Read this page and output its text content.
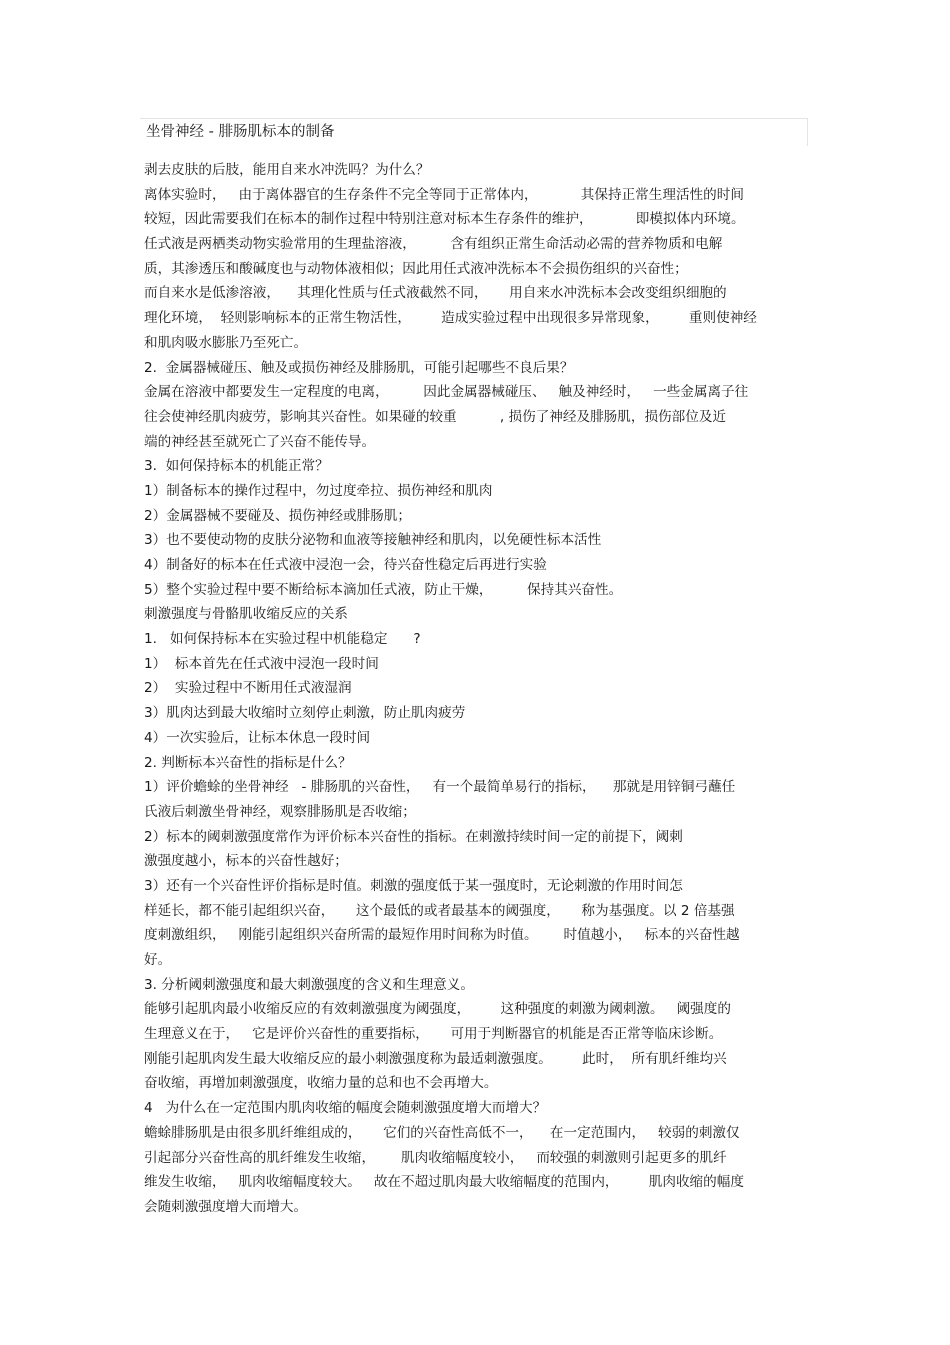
坐骨神经 - 腓肠肌标本的制备
剥去皮肤的后肢，能用自来水冲洗吗？为什么？
离体实验时，   由于离体器官的生存条件不完全等同于正常体内，          其保持正常生理活性的时间
较短，因此需要我们在标本的制作过程中特别注意对标本生存条件的维护，          即模拟体内环境。
任式液是两栖类动物实验常用的生理盐溶液，        含有组织正常生命活动必需的营养物质和电解
质，其渗透压和酸碱度也与动物体液相似；因此用任式液冲洗标本不会损伤组织的兴奋性；
而自来水是低渗溶液，    其理化性质与任式液截然不同，     用自来水冲洗标本会改变组织细胞的
理化环境，  轻则影响标本的正常生物活性，       造成实验过程中出现很多异常现象，       重则使神经
和肌肉吸水膨胀乃至死亡。
2.  金属器械碰压、触及或损伤神经及腓肠肌，可能引起哪些不良后果？
金属在溶液中都要发生一定程度的电离，        因此金属器械碰压、   触及神经时，   一些金属离子往
往会使神经肌肉疲劳，影响其兴奋性。如果碰的较重          , 损伤了神经及腓肠肌，损伤部位及近
端的神经甚至就死亡了兴奋不能传导。
3.  如何保持标本的机能正常？
1）制备标本的操作过程中，勿过度牵拉、损伤神经和肌肉
2）金属器械不要碰及、损伤神经或腓肠肌；
3）也不要使动物的皮肤分泌物和血液等接触神经和肌肉，以免硬性标本活性
4）制备好的标本在任式液中浸泡一会，待兴奋性稳定后再进行实验
5）整个实验过程中要不断给标本滴加任式液，防止干燥，        保持其兴奋性。
刺激强度与骨骼肌收缩反应的关系
1.   如何保持标本在实验过程中机能稳定      ?
1）  标本首先在任式液中浸泡一段时间
2）  实验过程中不断用任式液湿润
3）肌肉达到最大收缩时立刻停止刺激，防止肌肉疲劳
4）一次实验后，让标本休息一段时间
2. 判断标本兴奋性的指标是什么？
1）评价蟾蜍的坐骨神经   - 腓肠肌的兴奋性，   有一个最简单易行的指标，    那就是用锌铜弓蘸任
氏液后刺激坐骨神经，观察腓肠肌是否收缩；
2）标本的阈刺激强度常作为评价标本兴奋性的指标。在刺激持续时间一定的前提下，阈刺
激强度越小，标本的兴奋性越好；
3）还有一个兴奋性评价指标是时值。刺激的强度低于某一强度时，无论刺激的作用时间怎
样延长，都不能引起组织兴奋，     这个最低的或者最基本的阈强度，     称为基强度。以 2 倍基强
度刺激组织，   刚能引起组织兴奋所需的最短作用时间称为时值。      时值越小，   标本的兴奋性越
好。
3. 分析阈刺激强度和最大刺激强度的含义和生理意义。
能够引起肌肉最小收缩反应的有效刺激强度为阈强度，       这种强度的刺激为阈刺激。   阈强度的
生理意义在于，   它是评价兴奋性的重要指标，     可用于判断器官的机能是否正常等临床诊断。
刚能引起肌肉发生最大收缩反应的最小刺激强度称为最适刺激强度。       此时，  所有肌纤维均兴
奋收缩，再增加刺激强度，收缩力量的总和也不会再增大。
4   为什么在一定范围内肌肉收缩的幅度会随刺激强度增大而增大？
蟾蜍腓肠肌是由很多肌纤维组成的，     它们的兴奋性高低不一，    在一定范围内，   较弱的刺激仅
引起部分兴奋性高的肌纤维发生收缩，      肌肉收缩幅度较小，   而较强的刺激则引起更多的肌纤
维发生收缩，   肌肉收缩幅度较大。   故在不超过肌肉最大收缩幅度的范围内，       肌肉收缩的幅度
会随刺激强度增大而增大。
